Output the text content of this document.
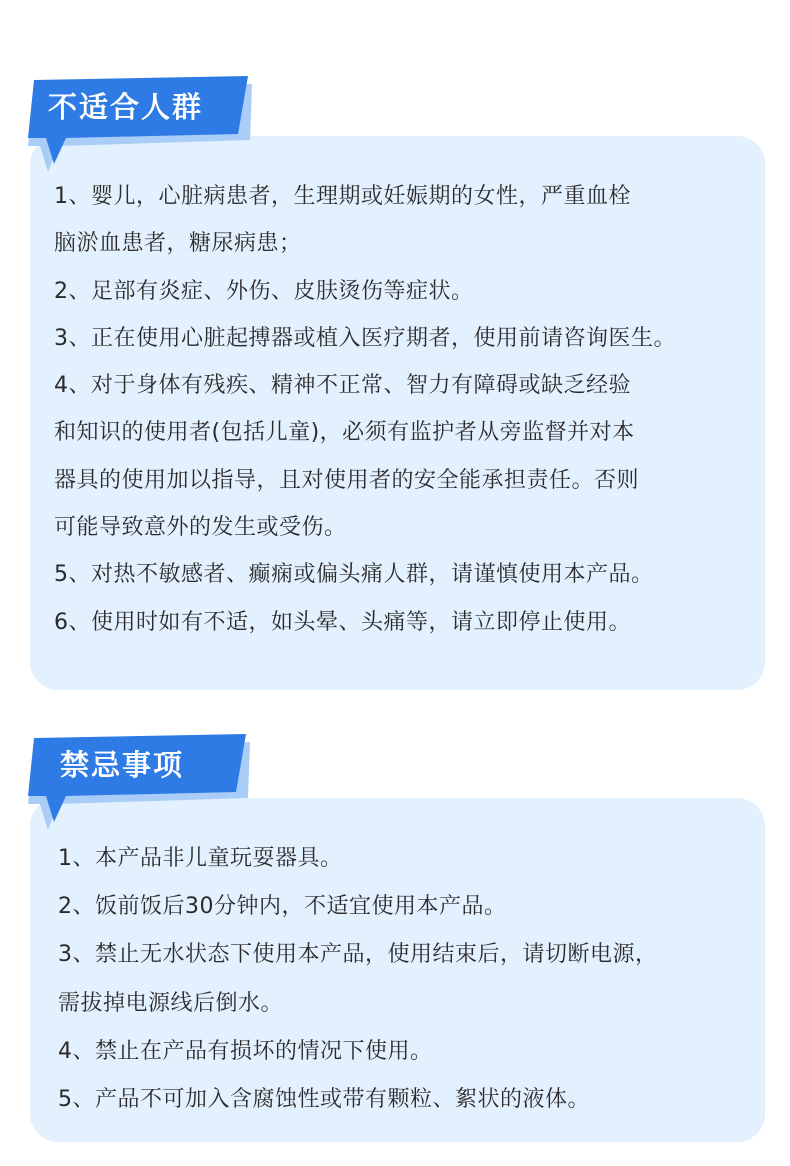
不适合人群
1、婴儿，心脏病患者，生理期或妊娠期的女性，严重血栓
脑淤血患者，糖尿病患；
2、足部有炎症、外伤、皮肤烫伤等症状。
3、正在使用心脏起搏器或植入医疗期者，使用前请咨询医生。
4、对于身体有残疾、精神不正常、智力有障碍或缺乏经验
和知识的使用者(包括儿童)，必须有监护者从旁监督并对本
器具的使用加以指导，且对使用者的安全能承担责任。否则
可能导致意外的发生或受伤。
5、对热不敏感者、癫痫或偏头痛人群，请谨慎使用本产品。
6、使用时如有不适，如头晕、头痛等，请立即停止使用。
禁忌事项
1、本产品非儿童玩耍器具。
2、饭前饭后30分钟内，不适宜使用本产品。
3、禁止无水状态下使用本产品，使用结束后，请切断电源，
需拔掉电源线后倒水。
4、禁止在产品有损坏的情况下使用。
5、产品不可加入含腐蚀性或带有颗粒、絮状的液体。
